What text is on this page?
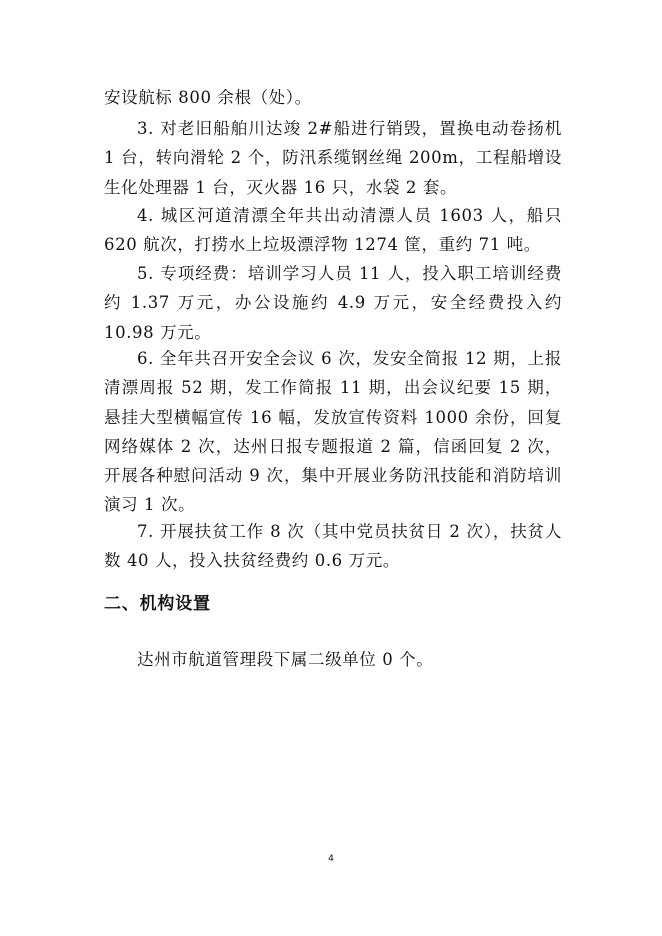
安设航标 800 余根（处）。

3. 对老旧船舶川达竣 2#船进行销毁，置换电动卷扬机 1 台，转向滑轮 2 个，防汛系缆钢丝绳 200m，工程船增设生化处理器 1 台，灭火器 16 只，水袋 2 套。

4. 城区河道清漂全年共出动清漂人员 1603 人，船只 620 航次，打捞水上垃圾漂浮物 1274 筐，重约 71 吨。

5. 专项经费：培训学习人员 11 人，投入职工培训经费约 1.37 万元，办公设施约 4.9 万元，安全经费投入约 10.98 万元。

6. 全年共召开安全会议 6 次，发安全简报 12 期，上报清漂周报 52 期，发工作简报 11 期，出会议纪要 15 期，悬挂大型横幅宣传 16 幅，发放宣传资料 1000 余份，回复网络媒体 2 次，达州日报专题报道 2 篇，信函回复 2 次，开展各种慰问活动 9 次，集中开展业务防汛技能和消防培训演习 1 次。

7. 开展扶贫工作 8 次（其中党员扶贫日 2 次），扶贫人数 40 人，投入扶贫经费约 0.6 万元。

二、机构设置

达州市航道管理段下属二级单位 0 个。

4
